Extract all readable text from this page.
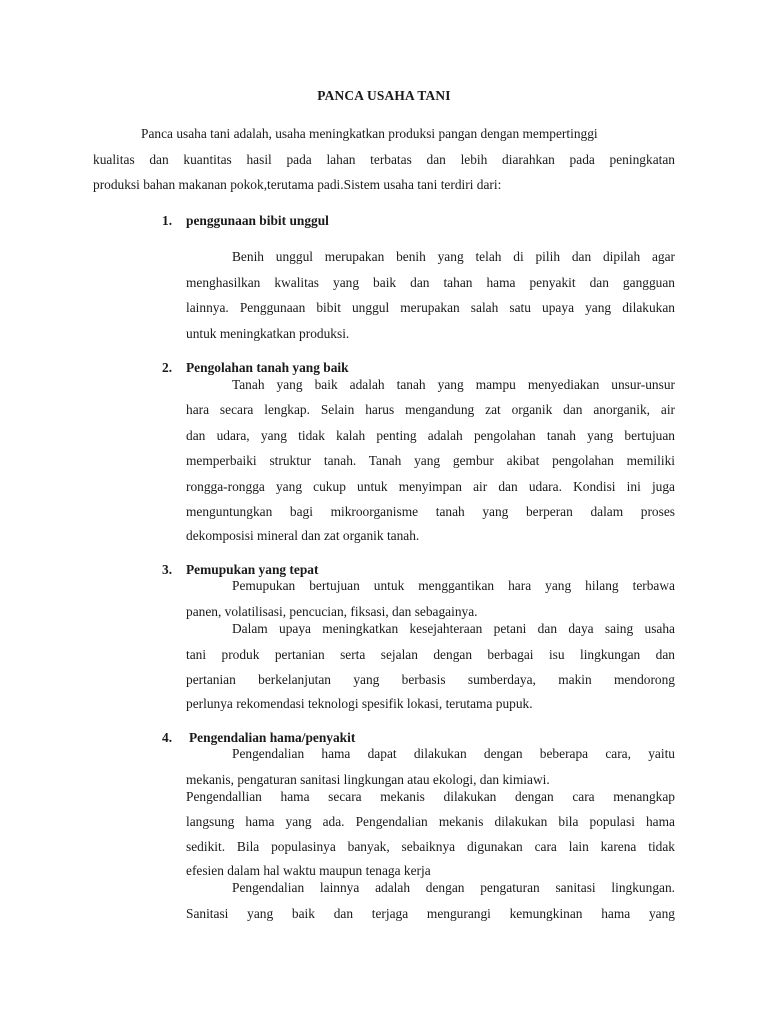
PANCA USAHA TANI
Panca usaha tani adalah, usaha meningkatkan produksi pangan dengan mempertinggi
kualitas dan kuantitas hasil pada lahan terbatas dan lebih diarahkan pada peningkatan
produksi bahan makanan pokok,terutama padi.Sistem usaha tani terdiri dari:
1. penggunaan bibit unggul
Benih unggul merupakan benih yang telah di pilih dan dipilah agar
menghasilkan kwalitas yang baik dan tahan hama penyakit dan gangguan
lainnya. Penggunaan bibit unggul merupakan salah satu upaya yang dilakukan
untuk meningkatkan produksi.
2. Pengolahan tanah yang baik
Tanah yang baik adalah tanah yang mampu menyediakan unsur-unsur
hara secara lengkap. Selain harus mengandung zat organik dan anorganik, air
dan udara, yang tidak kalah penting adalah pengolahan tanah yang bertujuan
memperbaiki struktur tanah. Tanah yang gembur akibat pengolahan memiliki
rongga-rongga yang cukup untuk menyimpan air dan udara. Kondisi ini juga
menguntungkan bagi mikroorganisme tanah yang berperan dalam proses
dekomposisi mineral dan zat organik tanah.
3. Pemupukan yang tepat
Pemupukan bertujuan untuk menggantikan hara yang hilang terbawa
panen, volatilisasi, pencucian, fiksasi, dan sebagainya.
Dalam upaya meningkatkan kesejahteraan petani dan daya saing usaha
tani produk pertanian serta sejalan dengan berbagai isu lingkungan dan
pertanian berkelanjutan yang berbasis sumberdaya, makin mendorong
perlunya rekomendasi teknologi spesifik lokasi, terutama pupuk.
4. Pengendalian hama/penyakit
Pengendalian hama dapat dilakukan dengan beberapa cara, yaitu
mekanis, pengaturan sanitasi lingkungan atau ekologi, dan kimiawi.
Pengendallian hama secara mekanis dilakukan dengan cara menangkap
langsung hama yang ada. Pengendalian mekanis dilakukan bila populasi hama
sedikit. Bila populasinya banyak, sebaiknya digunakan cara lain karena tidak
efesien dalam hal waktu maupun tenaga kerja
Pengendalian lainnya adalah dengan pengaturan sanitasi lingkungan.
Sanitasi yang baik dan terjaga mengurangi kemungkinan hama yang
